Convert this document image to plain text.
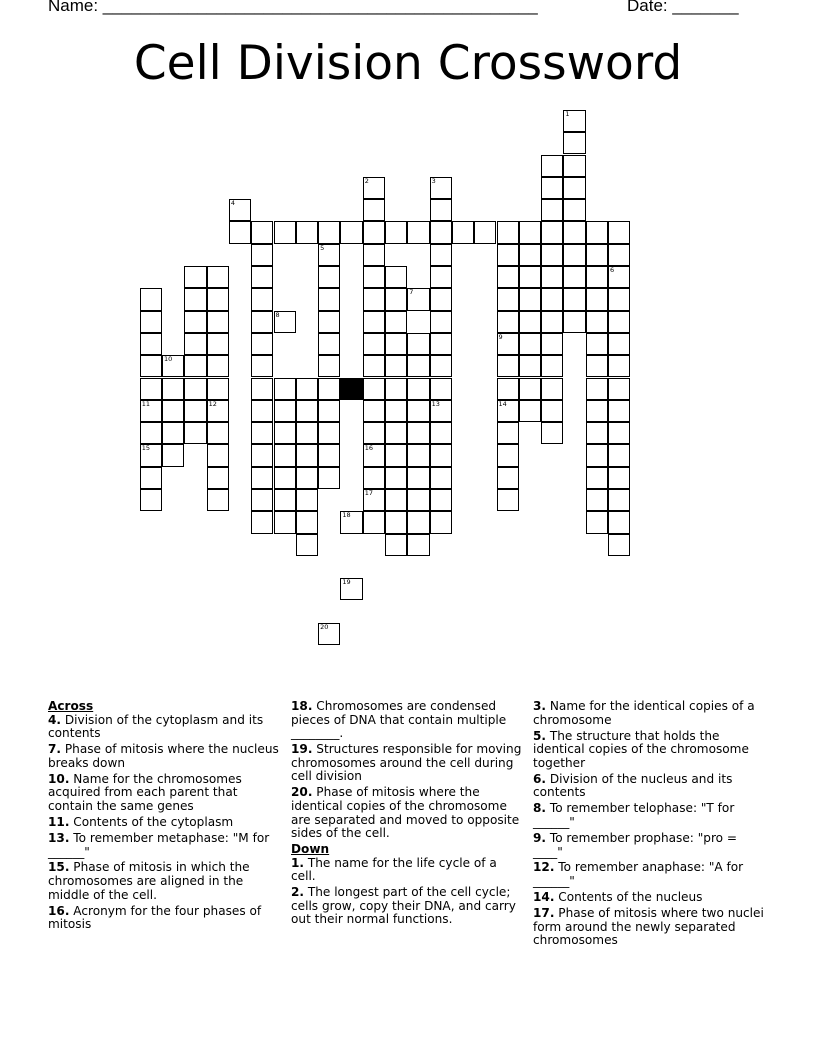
Name: ______________________________________________	Date: _______
Cell Division Crossword
16
17
13
10
11
15
12
9
14
6
1
2	3
4
5
7
8
18
19
20
Across
4. Division of the cytoplasm and its contents
7. Phase of mitosis where the nucleus breaks down
10. Name for the chromosomes acquired from each parent that contain the same genes
11. Contents of the cytoplasm
13. To remember metaphase: "M for ______"
15. Phase of mitosis in which the chromosomes are aligned in the middle of the cell.
16. Acronym for the four phases of mitosis
18. Chromosomes are condensed pieces of DNA that contain multiple ________.
19. Structures responsible for moving chromosomes around the cell during cell division
20. Phase of mitosis where the identical copies of the chromosome are separated and moved to opposite sides of the cell.
Down
1. The name for the life cycle of a cell.
2. The longest part of the cell cycle; cells grow, copy their DNA, and carry out their normal functions.
3. Name for the identical copies of a chromosome
5. The structure that holds the identical copies of the chromosome together
6. Division of the nucleus and its contents
8. To remember telophase: "T for ______"
9. To remember prophase: "pro = ____"
12. To remember anaphase: "A for ______"
14. Contents of the nucleus
17. Phase of mitosis where two nuclei form around the newly separated chromosomes
